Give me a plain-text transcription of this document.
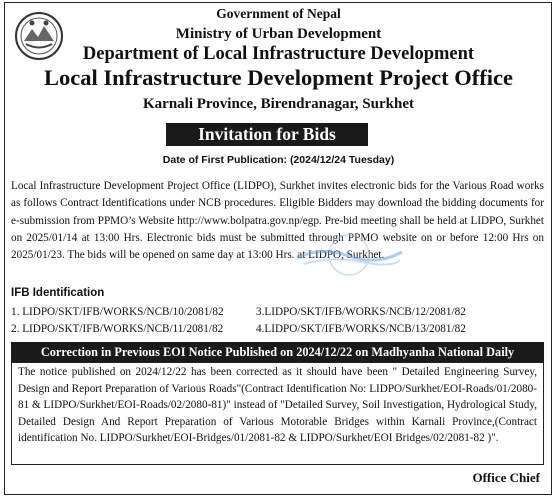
Government of Nepal
Ministry of Urban Development
Department of Local Infrastructure Development
Local Infrastructure Development Project Office
Karnali Province, Birendranagar, Surkhet
Invitation for Bids
Date of First Publication: (2024/12/24 Tuesday)
Local Infrastructure Development Project Office (LIDPO), Surkhet invites electronic bids for the Various Road works as follows Contract Identifications under NCB procedures. Eligible Bidders may download the bidding documents for e-submission from PPMO’s Website http://www.bolpatra.gov.np/egp. Pre-bid meeting shall be held at LIDPO, Surkhet on 2025/01/14 at 13:00 Hrs. Electronic bids must be submitted through PPMO website on or before 12:00 Hrs on 2025/01/23. The bids will be opened on same day at 13:00 Hrs. at LIDPO, Surkhet.
IFB Identification
1. LIDPO/SKT/IFB/WORKS/NCB/10/2081/82
2. LIDPO/SKT/IFB/WORKS/NCB/11/2081/82
3.LIDPO/SKT/IFB/WORKS/NCB/12/2081/82
4.LIDPO/SKT/IFB/WORKS/NCB/13/2081/82
Correction in Previous EOI Notice Published on 2024/12/22 on Madhyanha National Daily
The notice published on 2024/12/22 has been corrected as it should have been " Detailed Engineering Survey, Design and Report Preparation of Various Roads"(Contract Identification No: LIDPO/Surkhet/EOI-Roads/01/2080-81 & LIDPO/Surkhet/EOI-Roads/02/2080-81)" instead of "Detailed Survey, Soil Investigation, Hydrological Study, Detailed Design And Report Preparation of Various Motorable Bridges within Karnali Province,(Contract identification No. LIDPO/Surkhet/EOI-Bridges/01/2081-82 & LIDPO/Surkhet/EOI Bridges/02/2081-82 )".
Office Chief
